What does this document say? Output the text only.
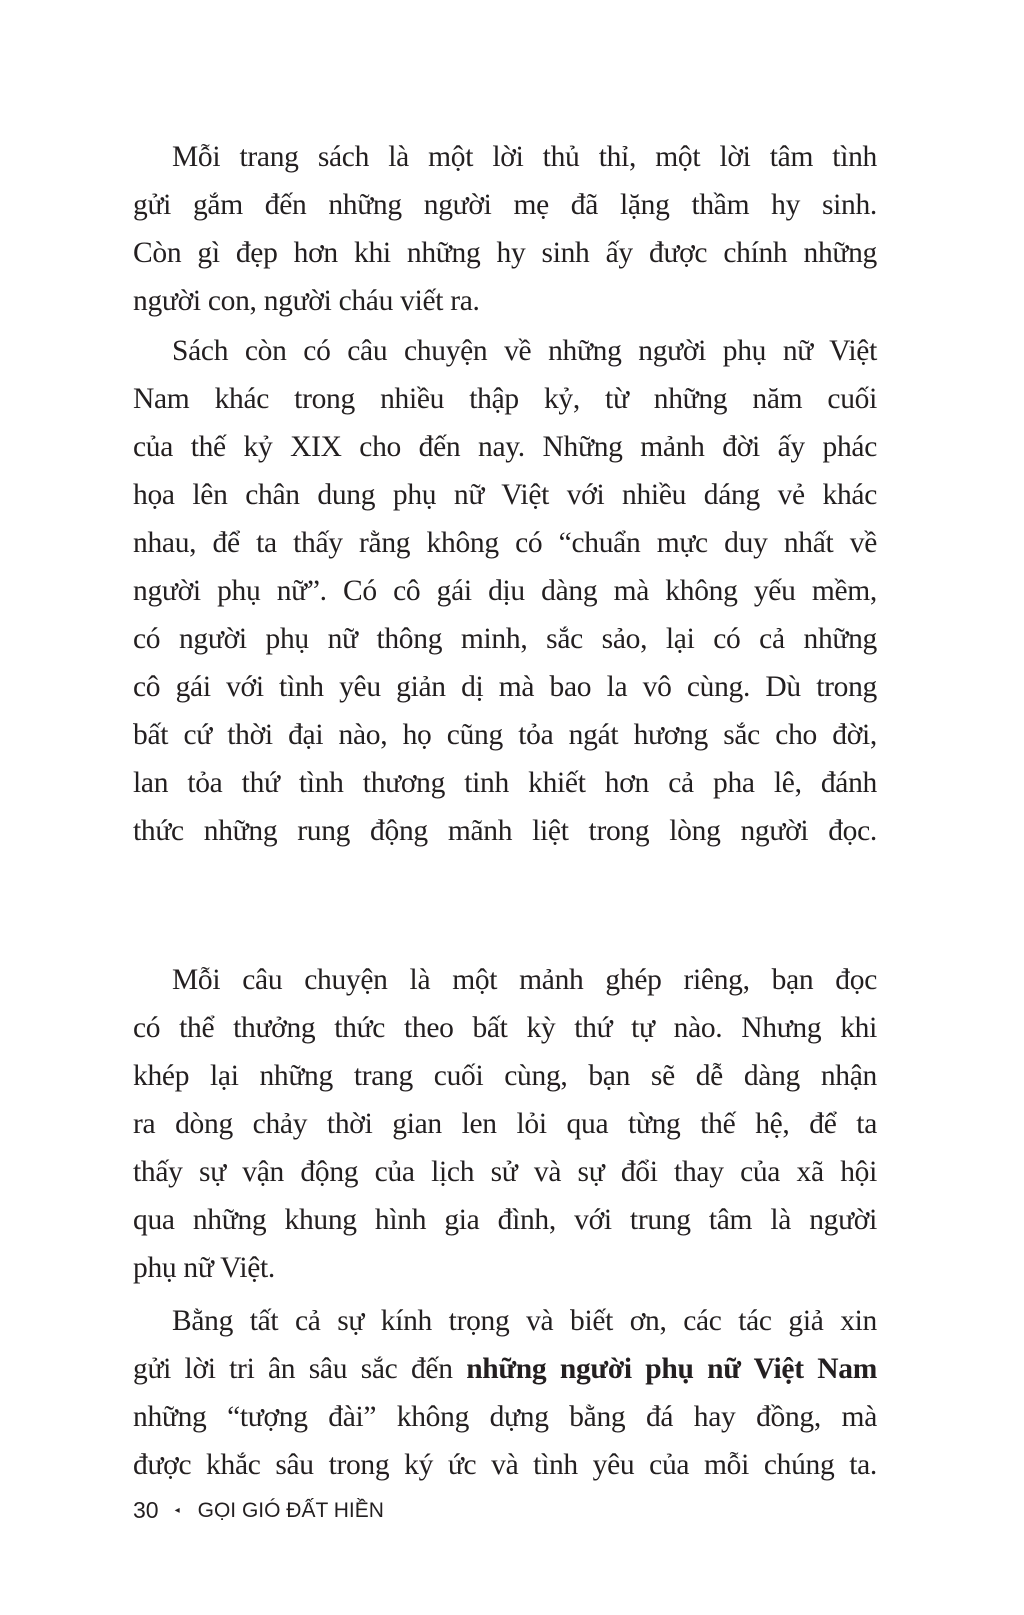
Mỗi trang sách là một lời thủ thỉ, một lời tâm tình
gửi gắm đến những người mẹ đã lặng thầm hy sinh.
Còn gì đẹp hơn khi những hy sinh ấy được chính những
người con, người cháu viết ra.
Sách còn có câu chuyện về những người phụ nữ Việt
Nam khác trong nhiều thập kỷ, từ những năm cuối
của thế kỷ XIX cho đến nay. Những mảnh đời ấy phác
họa lên chân dung phụ nữ Việt với nhiều dáng vẻ khác
nhau, để ta thấy rằng không có “chuẩn mực duy nhất về
người phụ nữ”. Có cô gái dịu dàng mà không yếu mềm,
có người phụ nữ thông minh, sắc sảo, lại có cả những
cô gái với tình yêu giản dị mà bao la vô cùng. Dù trong
bất cứ thời đại nào, họ cũng tỏa ngát hương sắc cho đời,
lan tỏa thứ tình thương tinh khiết hơn cả pha lê, đánh
thức những rung động mãnh liệt trong lòng người đọc.
Mỗi câu chuyện là một mảnh ghép riêng, bạn đọc
có thể thưởng thức theo bất kỳ thứ tự nào. Nhưng khi
khép lại những trang cuối cùng, bạn sẽ dễ dàng nhận
ra dòng chảy thời gian len lỏi qua từng thế hệ, để ta
thấy sự vận động của lịch sử và sự đổi thay của xã hội
qua những khung hình gia đình, với trung tâm là người
phụ nữ Việt.
Bằng tất cả sự kính trọng và biết ơn, các tác giả xin
gửi lời tri ân sâu sắc đến những người phụ nữ Việt Nam
những “tượng đài” không dựng bằng đá hay đồng, mà
được khắc sâu trong ký ức và tình yêu của mỗi chúng ta.
30 ◂ GỌI GIÓ ĐẤT HIỀN
